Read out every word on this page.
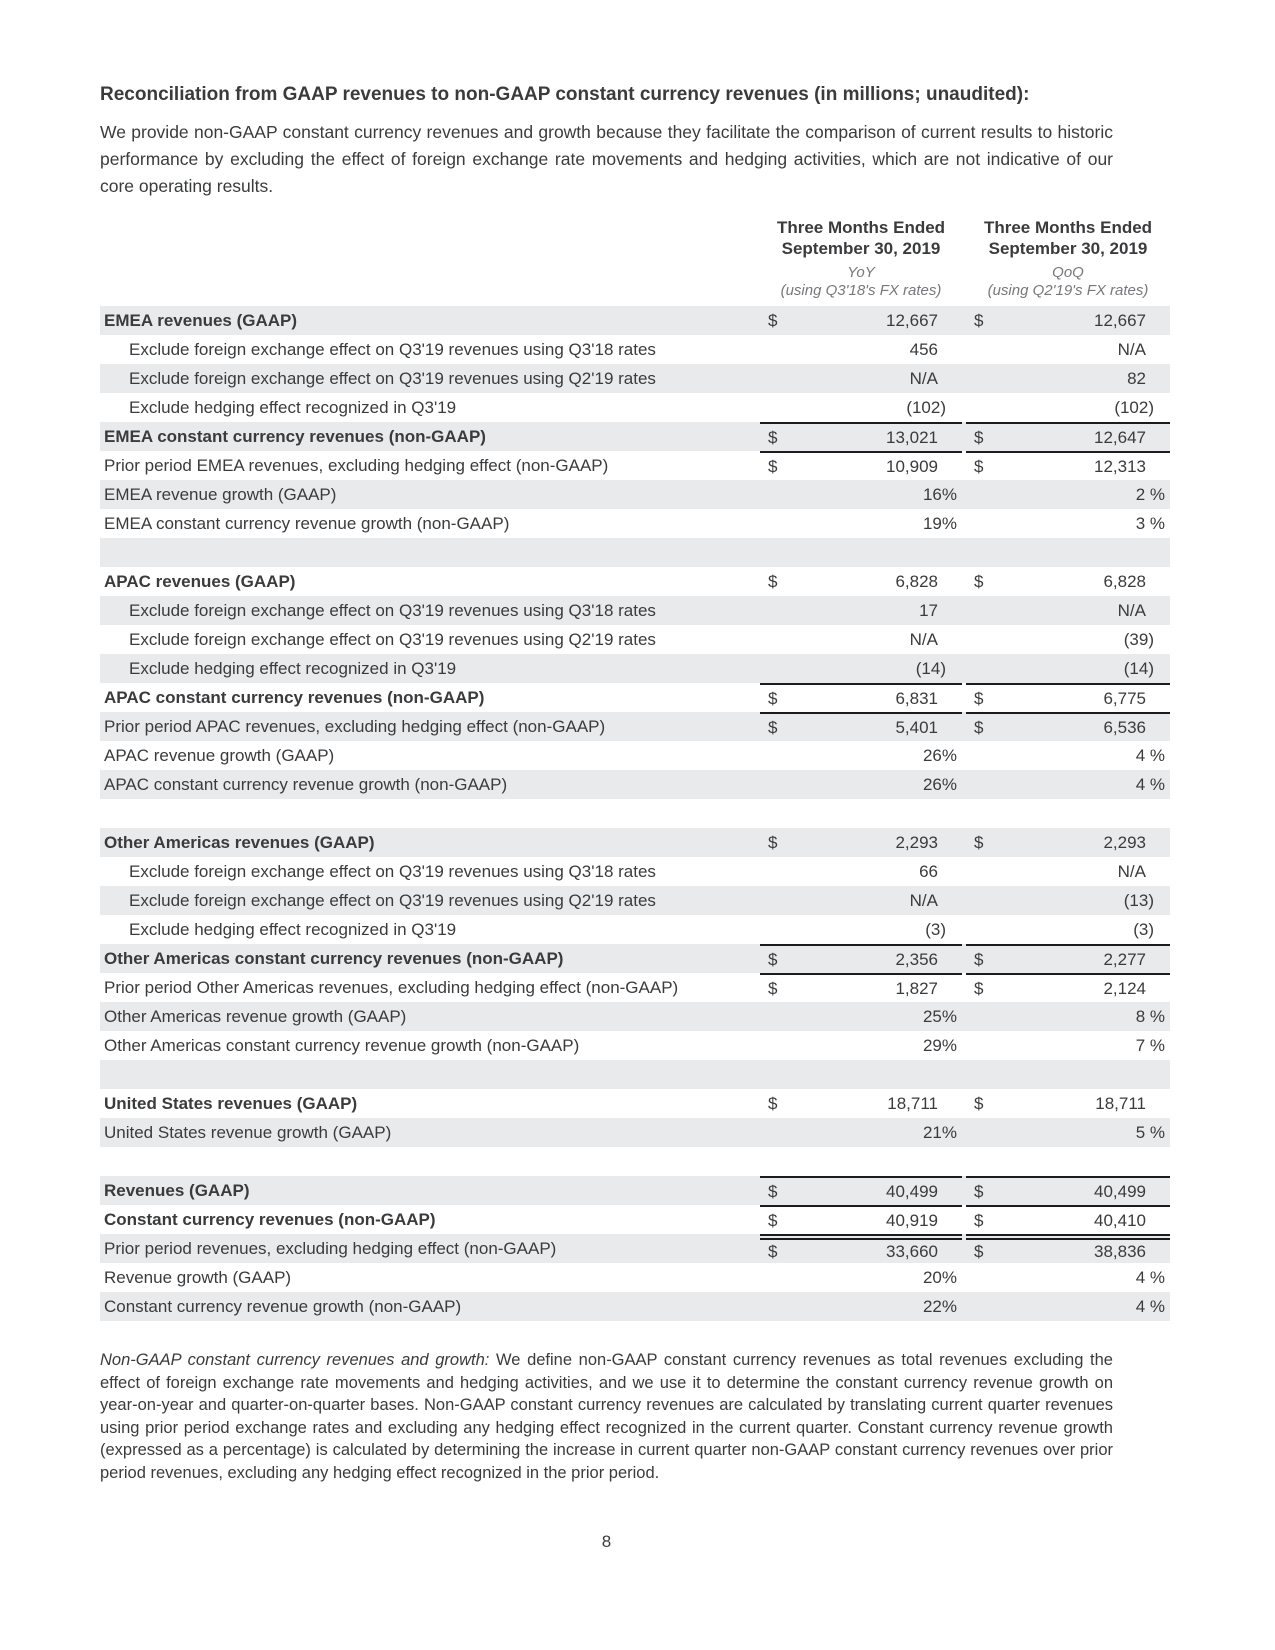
Reconciliation from GAAP revenues to non-GAAP constant currency revenues (in millions; unaudited):
We provide non-GAAP constant currency revenues and growth because they facilitate the comparison of current results to historic performance by excluding the effect of foreign exchange rate movements and hedging activities, which are not indicative of our core operating results.
Three Months Ended
September 30, 2019
YoY
(using Q3'18's FX rates)
Three Months Ended
September 30, 2019
QoQ
(using Q2'19's FX rates)
EMEA revenues (GAAP)	$	12,667	$	12,667
Exclude foreign exchange effect on Q3'19 revenues using Q3'18 rates	456	N/A
Exclude foreign exchange effect on Q3'19 revenues using Q2'19 rates	N/A	82
Exclude hedging effect recognized in Q3'19	(102)	(102)
EMEA constant currency revenues (non-GAAP)	$	13,021	$	12,647
Prior period EMEA revenues, excluding hedging effect (non-GAAP)	$	10,909	$	12,313
EMEA revenue growth (GAAP)	16%	2 %
EMEA constant currency revenue growth (non-GAAP)	19%	3 %
APAC revenues (GAAP)	$	6,828	$	6,828
Exclude foreign exchange effect on Q3'19 revenues using Q3'18 rates	17	N/A
Exclude foreign exchange effect on Q3'19 revenues using Q2'19 rates	N/A	(39)
Exclude hedging effect recognized in Q3'19	(14)	(14)
APAC constant currency revenues (non-GAAP)	$	6,831	$	6,775
Prior period APAC revenues, excluding hedging effect (non-GAAP)	$	5,401	$	6,536
APAC revenue growth (GAAP)	26%	4 %
APAC constant currency revenue growth (non-GAAP)	26%	4 %
Other Americas revenues (GAAP)	$	2,293	$	2,293
Exclude foreign exchange effect on Q3'19 revenues using Q3'18 rates	66	N/A
Exclude foreign exchange effect on Q3'19 revenues using Q2'19 rates	N/A	(13)
Exclude hedging effect recognized in Q3'19	(3)	(3)
Other Americas constant currency revenues (non-GAAP)	$	2,356	$	2,277
Prior period Other Americas revenues, excluding hedging effect (non-GAAP)	$	1,827	$	2,124
Other Americas revenue growth (GAAP)	25%	8 %
Other Americas constant currency revenue growth (non-GAAP)	29%	7 %
United States revenues (GAAP)	$	18,711	$	18,711
United States revenue growth (GAAP)	21%	5 %
Revenues (GAAP)	$	40,499	$	40,499
Constant currency revenues (non-GAAP)	$	40,919	$	40,410
Prior period revenues, excluding hedging effect (non-GAAP)	$	33,660	$	38,836
Revenue growth (GAAP)	20%	4 %
Constant currency revenue growth (non-GAAP)	22%	4 %
Non-GAAP constant currency revenues and growth: We define non-GAAP constant currency revenues as total revenues excluding the effect of foreign exchange rate movements and hedging activities, and we use it to determine the constant currency revenue growth on year-on-year and quarter-on-quarter bases. Non-GAAP constant currency revenues are calculated by translating current quarter revenues using prior period exchange rates and excluding any hedging effect recognized in the current quarter. Constant currency revenue growth (expressed as a percentage) is calculated by determining the increase in current quarter non-GAAP constant currency revenues over prior period revenues, excluding any hedging effect recognized in the prior period.
8
